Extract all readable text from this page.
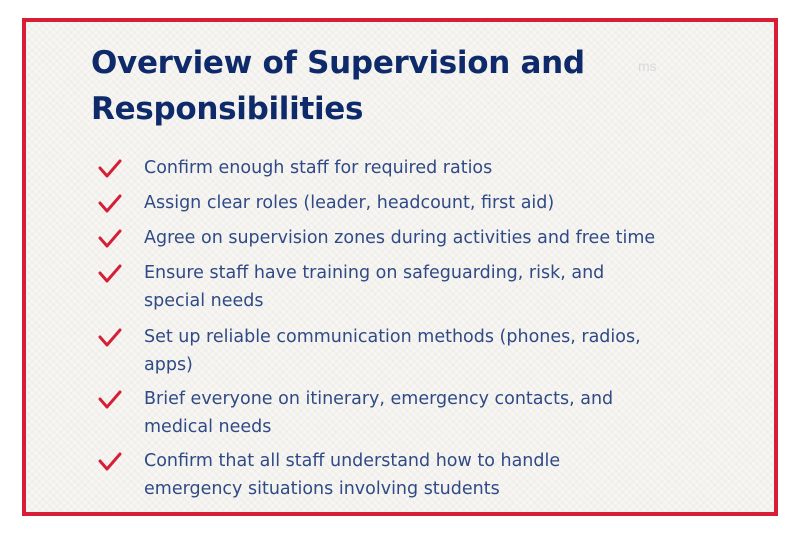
Overview of Supervision and Responsibilities
ms
Confirm enough staff for required ratios
Assign clear roles (leader, headcount, first aid)
Agree on supervision zones during activities and free time
Ensure staff have training on safeguarding, risk, and special needs
Set up reliable communication methods (phones, radios, apps)
Brief everyone on itinerary, emergency contacts, and medical needs
Confirm that all staff understand how to handle emergency situations involving students
